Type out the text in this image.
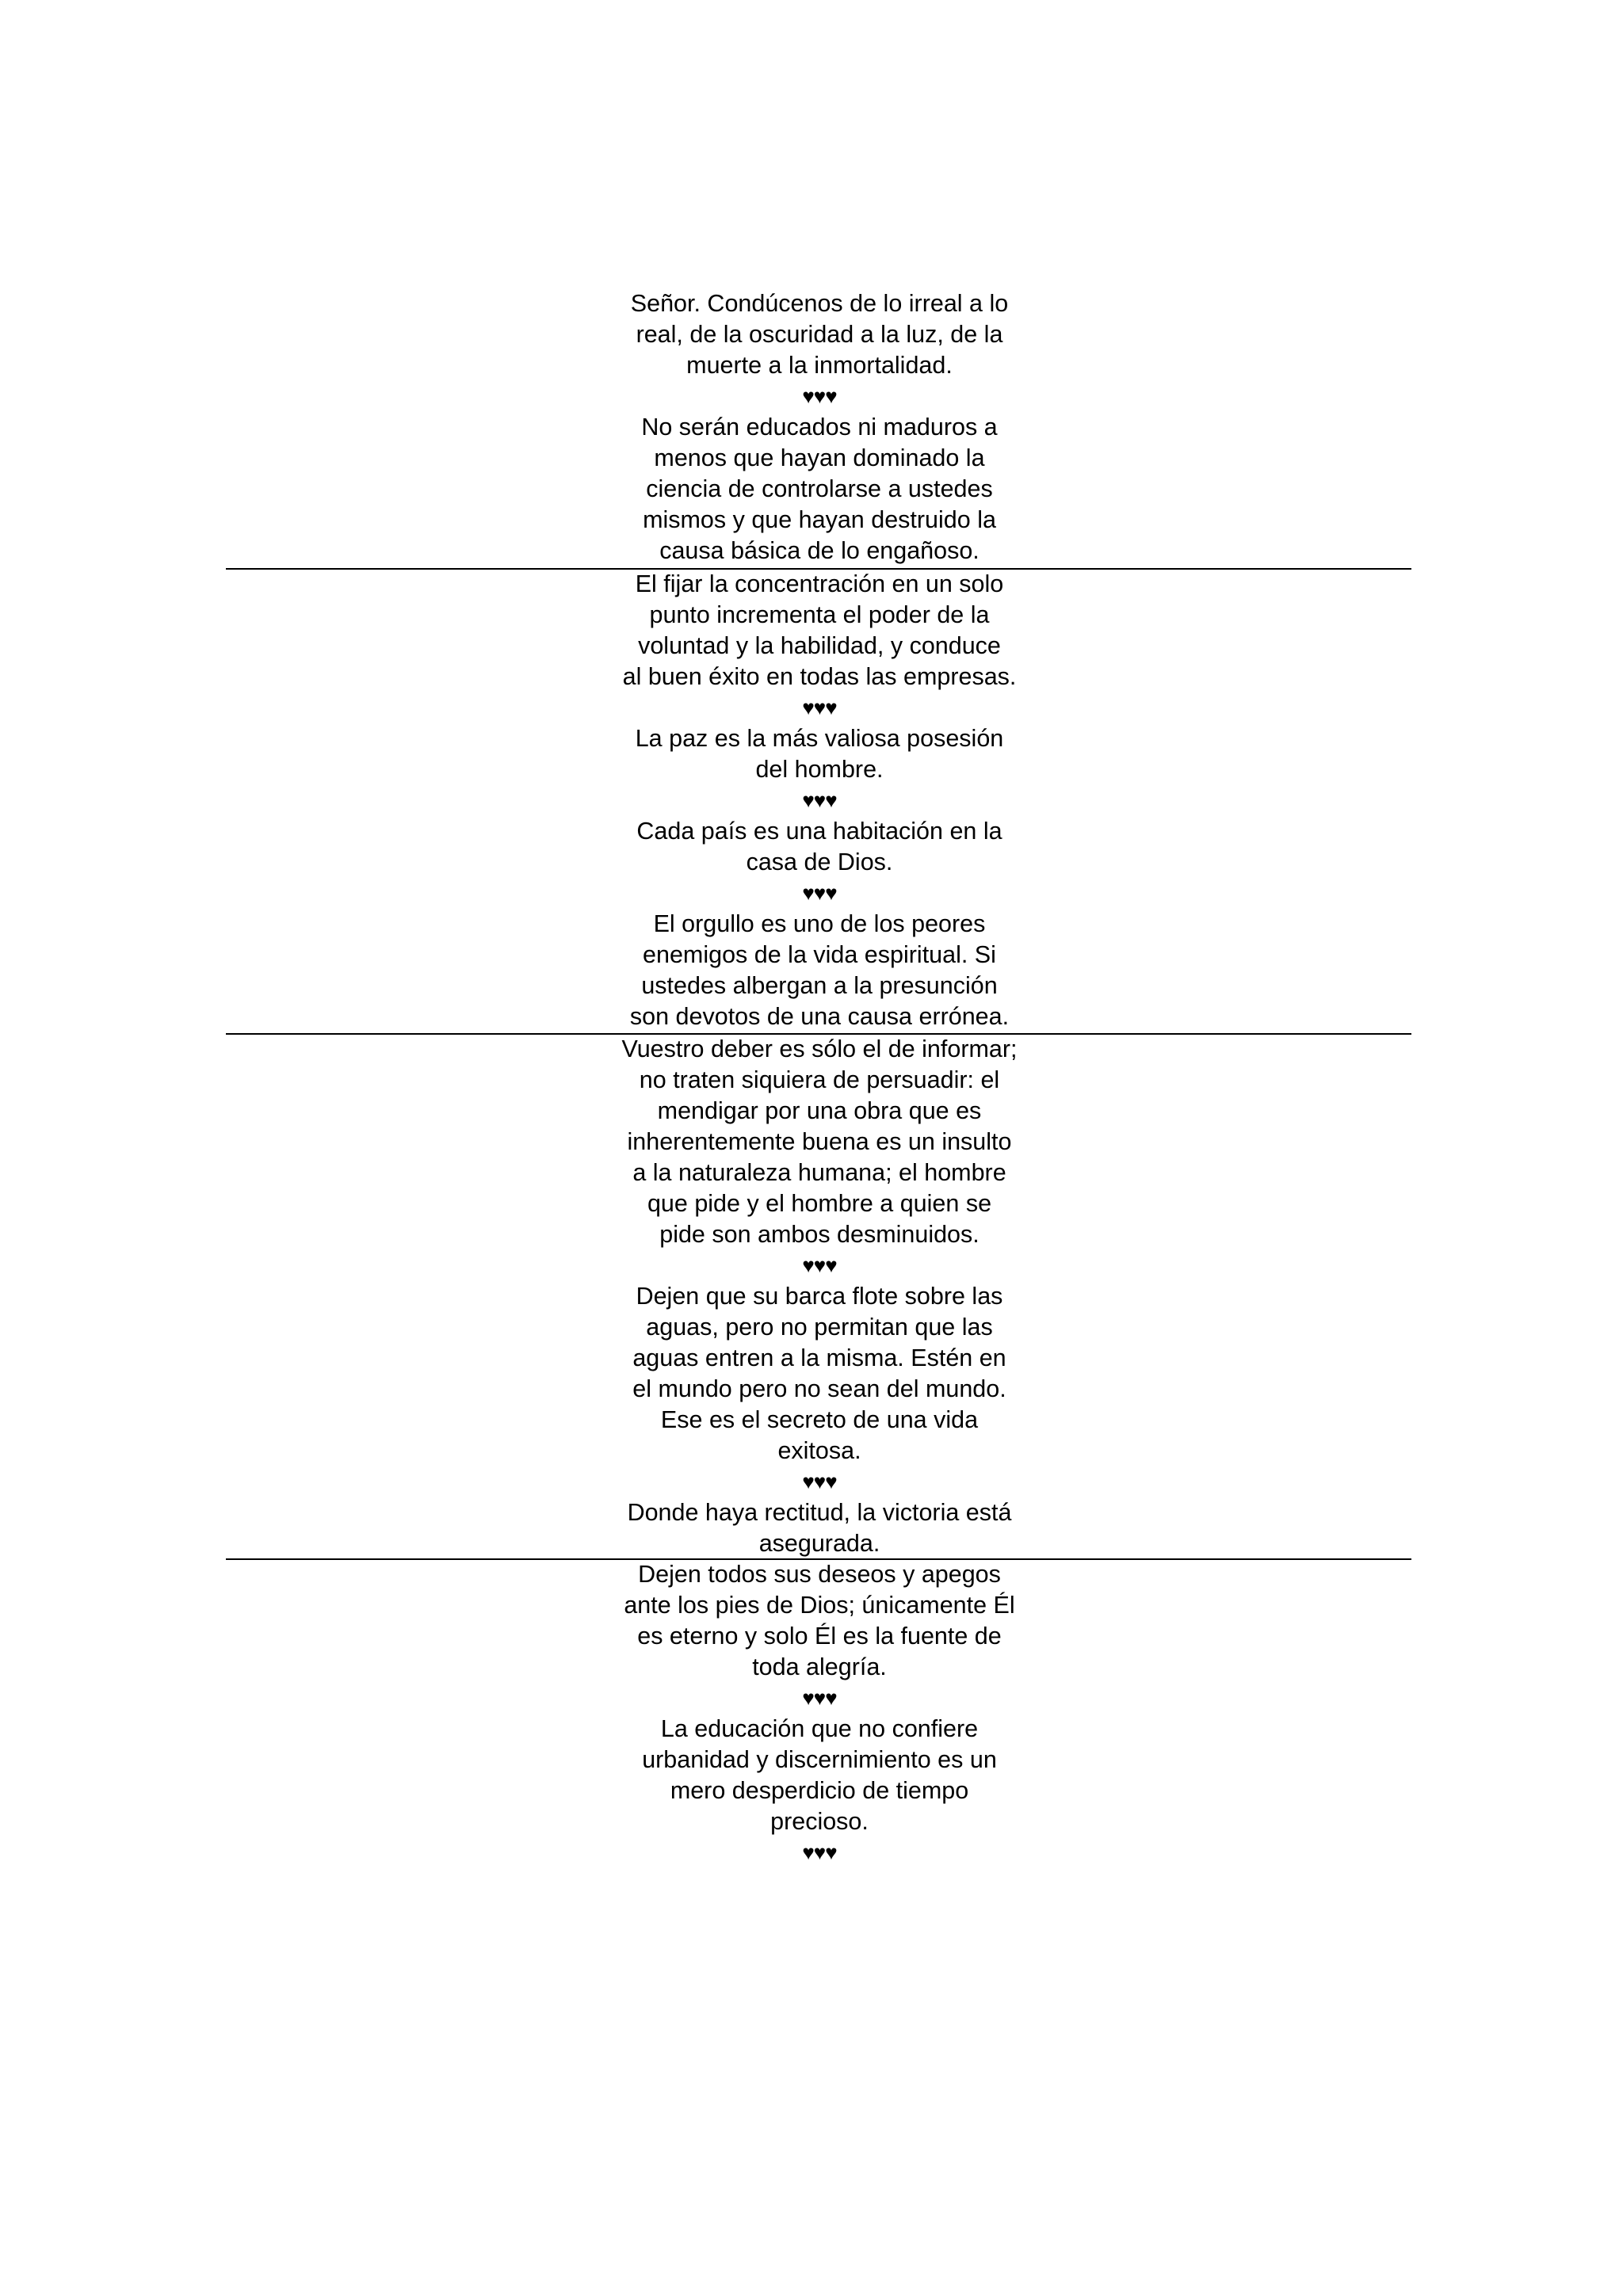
Señor. Condúcenos de lo irreal a lo
real, de la oscuridad a la luz, de la
muerte a la inmortalidad.
♥♥♥
No serán educados ni maduros a
menos que hayan dominado la
ciencia de controlarse a ustedes
mismos y que hayan destruido la
causa básica de lo engañoso.
El fijar la concentración en un solo
punto incrementa el poder de la
voluntad y la habilidad, y conduce
al buen éxito en todas las empresas.
♥♥♥
La paz es la más valiosa posesión
del hombre.
♥♥♥
Cada país es una habitación en la
casa de Dios.
♥♥♥
El orgullo es uno de los peores
enemigos de la vida espiritual. Si
ustedes albergan a la presunción
son devotos de una causa errónea.
Vuestro deber es sólo el de informar;
no traten siquiera de persuadir: el
mendigar por una obra que es
inherentemente buena es un insulto
a la naturaleza humana; el hombre
que pide y el hombre a quien se
pide son ambos desminuidos.
♥♥♥
Dejen que su barca flote sobre las
aguas, pero no permitan que las
aguas entren a la misma. Estén en
el mundo pero no sean del mundo.
Ese es el secreto de una vida
exitosa.
♥♥♥
Donde haya rectitud, la victoria está
asegurada.
Dejen todos sus deseos y apegos
ante los pies de Dios; únicamente Él
es eterno y solo Él es la fuente de
toda alegría.
♥♥♥
La educación que no confiere
urbanidad y discernimiento es un
mero desperdicio de tiempo
precioso.
♥♥♥
